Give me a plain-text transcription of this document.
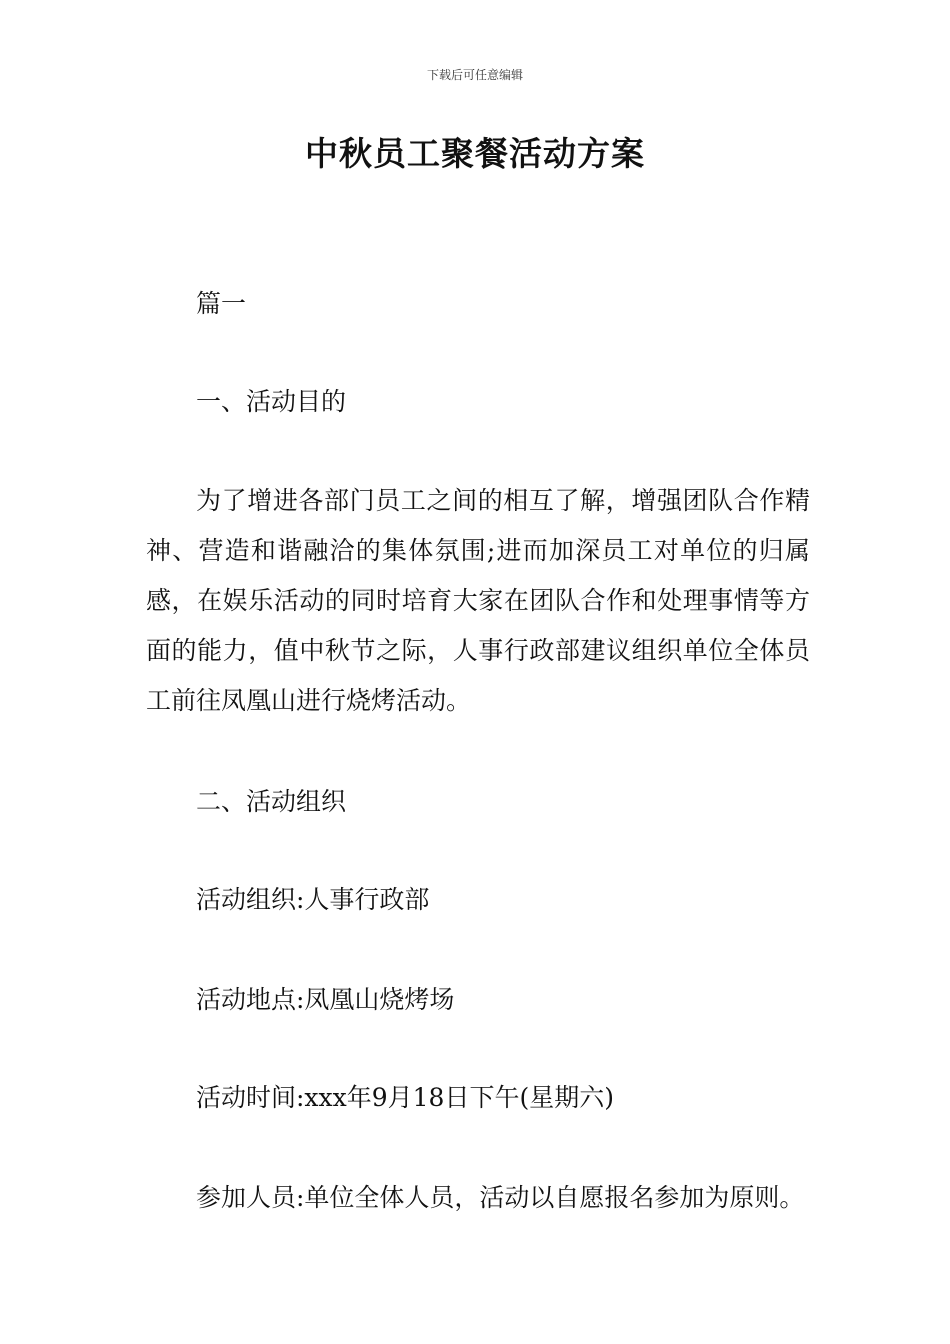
下载后可任意编辑
中秋员工聚餐活动方案
篇一
一、活动目的

为了增进各部门员工之间的相互了解，增强团队合作精神、营造和谐融洽的集体氛围;进而加深员工对单位的归属感，在娱乐活动的同时培育大家在团队合作和处理事情等方面的能力，值中秋节之际，人事行政部建议组织单位全体员工前往凤凰山进行烧烤活动。

二、活动组织
活动组织:人事行政部
活动地点:凤凰山烧烤场
活动时间:xxx年9月18日下午(星期六)
参加人员:单位全体人员，活动以自愿报名参加为原则。
